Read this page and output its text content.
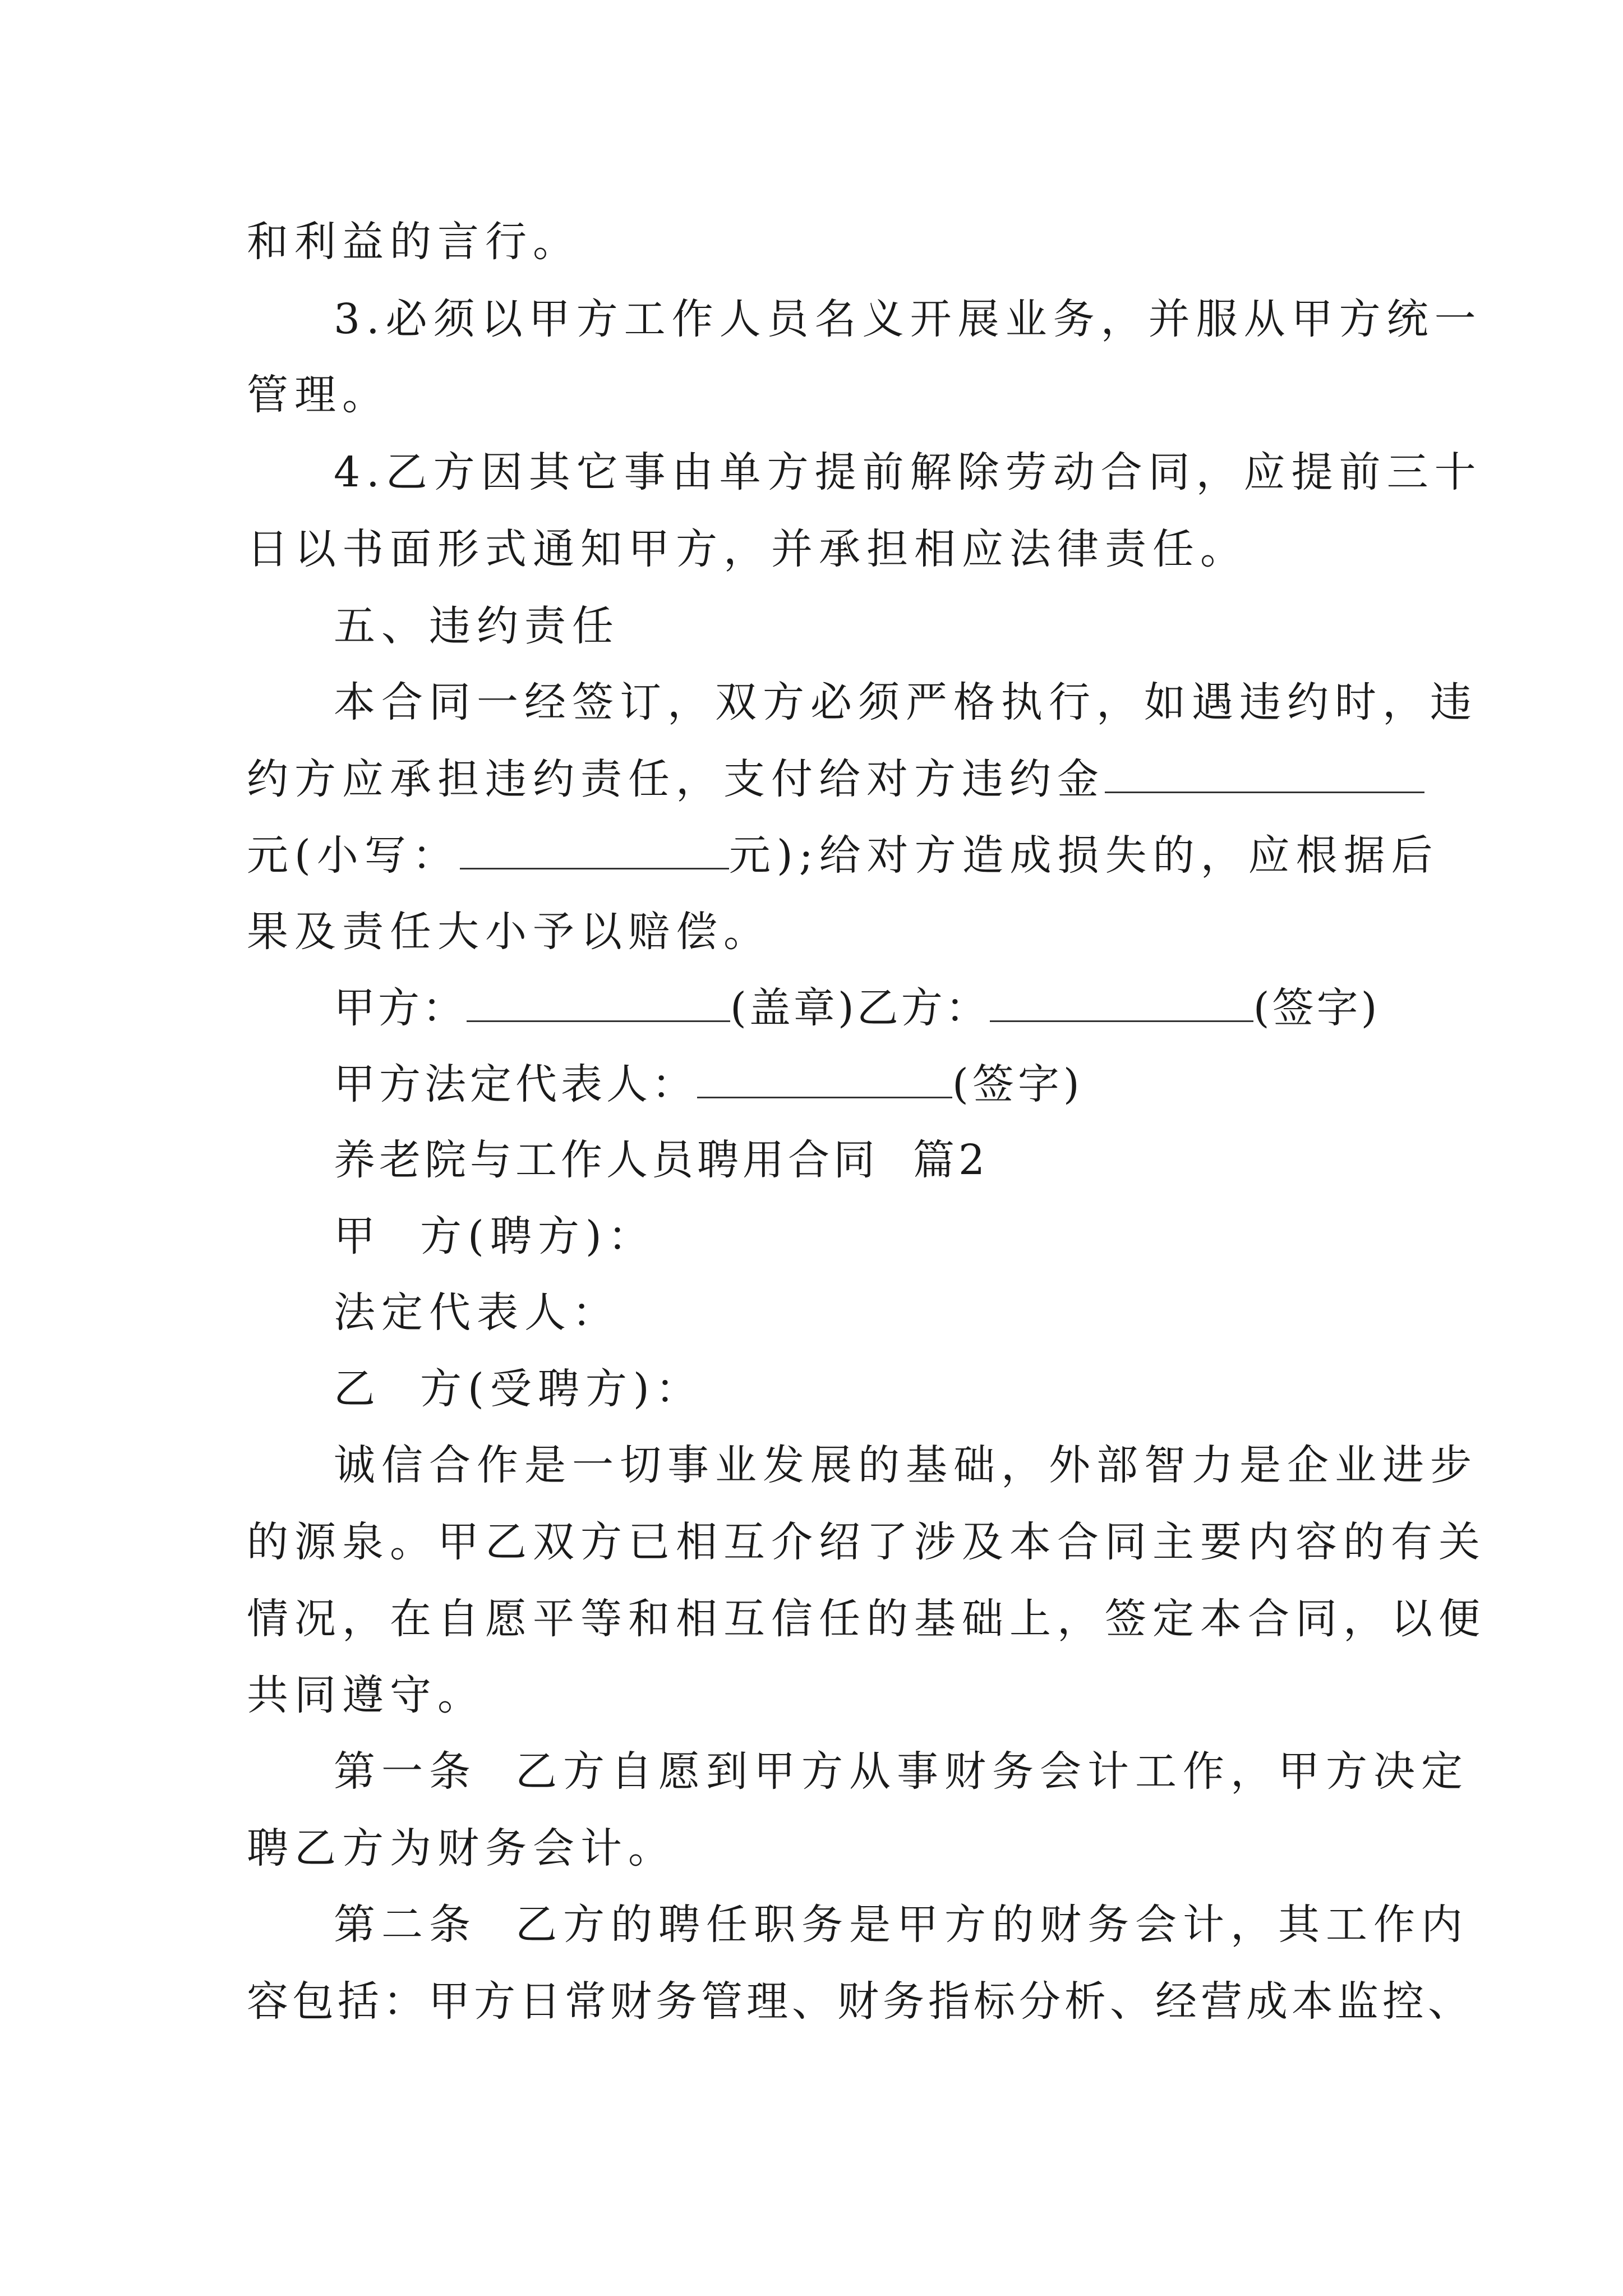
和利益的言行。
3.必须以甲方工作人员名义开展业务，并服从甲方统一
管理。
4.乙方因其它事由单方提前解除劳动合同，应提前三十
日以书面形式通知甲方，并承担相应法律责任。
五、违约责任
本合同一经签订，双方必须严格执行，如遇违约时，违
约方应承担违约责任，支付给对方违约金
元(小写：	元);给对方造成损失的，应根据后
果及责任大小予以赔偿。
甲方：	(盖章)乙方：	(签字)
甲方法定代表人：	(签字)
养老院与工作人员聘用合同  篇2
甲  方(聘方)：
法定代表人：
乙  方(受聘方)：
诚信合作是一切事业发展的基础，外部智力是企业进步
的源泉。甲乙双方已相互介绍了涉及本合同主要内容的有关
情况，在自愿平等和相互信任的基础上，签定本合同，以便
共同遵守。
第一条  乙方自愿到甲方从事财务会计工作，甲方决定
聘乙方为财务会计。
第二条  乙方的聘任职务是甲方的财务会计，其工作内
容包括：甲方日常财务管理、财务指标分析、经营成本监控、
